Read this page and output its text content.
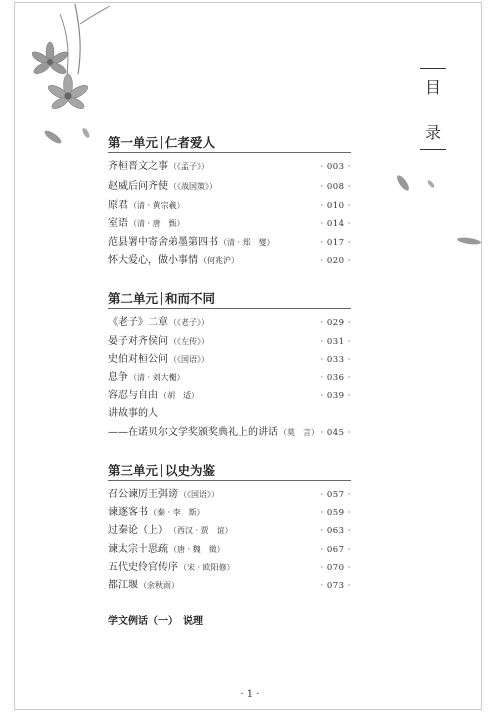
目
录
第一单元 仁者爱人
齐桓晋文之事 （《孟子》）	· 003 ·
赵威后问齐使 （《战国策》）	· 008 ·
原君 （清 · 黄宗羲）	· 010 ·
室语 （清 · 唐　甄）	· 014 ·
范县署中寄舍弟墨第四书 （清 · 郑　燮）	· 017 ·
怀大爱心，做小事情 （何兆沪）	· 020 ·
第二单元 和而不同
《老子》二章 （《老子》）	· 029 ·
晏子对齐侯问 （《左传》）	· 031 ·
史伯对桓公问 （《国语》）	· 033 ·
息争 （清 · 刘大櫆）	· 036 ·
容忍与自由 （胡　适）	· 039 ·
讲故事的人
——在诺贝尔文学奖颁奖典礼上的讲话 （莫　言） · 045 ·
第三单元 以史为鉴
召公谏厉王弭谤 （《国语》）	· 057 ·
谏逐客书 （秦 · 李　斯）	· 059 ·
过秦论（上） （西汉 · 贾　谊）	· 063 ·
谏太宗十思疏 （唐 · 魏　徵）	· 067 ·
五代史伶官传序 （宋 · 欧阳修）	· 070 ·
都江堰 （余秋雨）	· 073 ·
学文例话（一）　说理
· 1 ·
